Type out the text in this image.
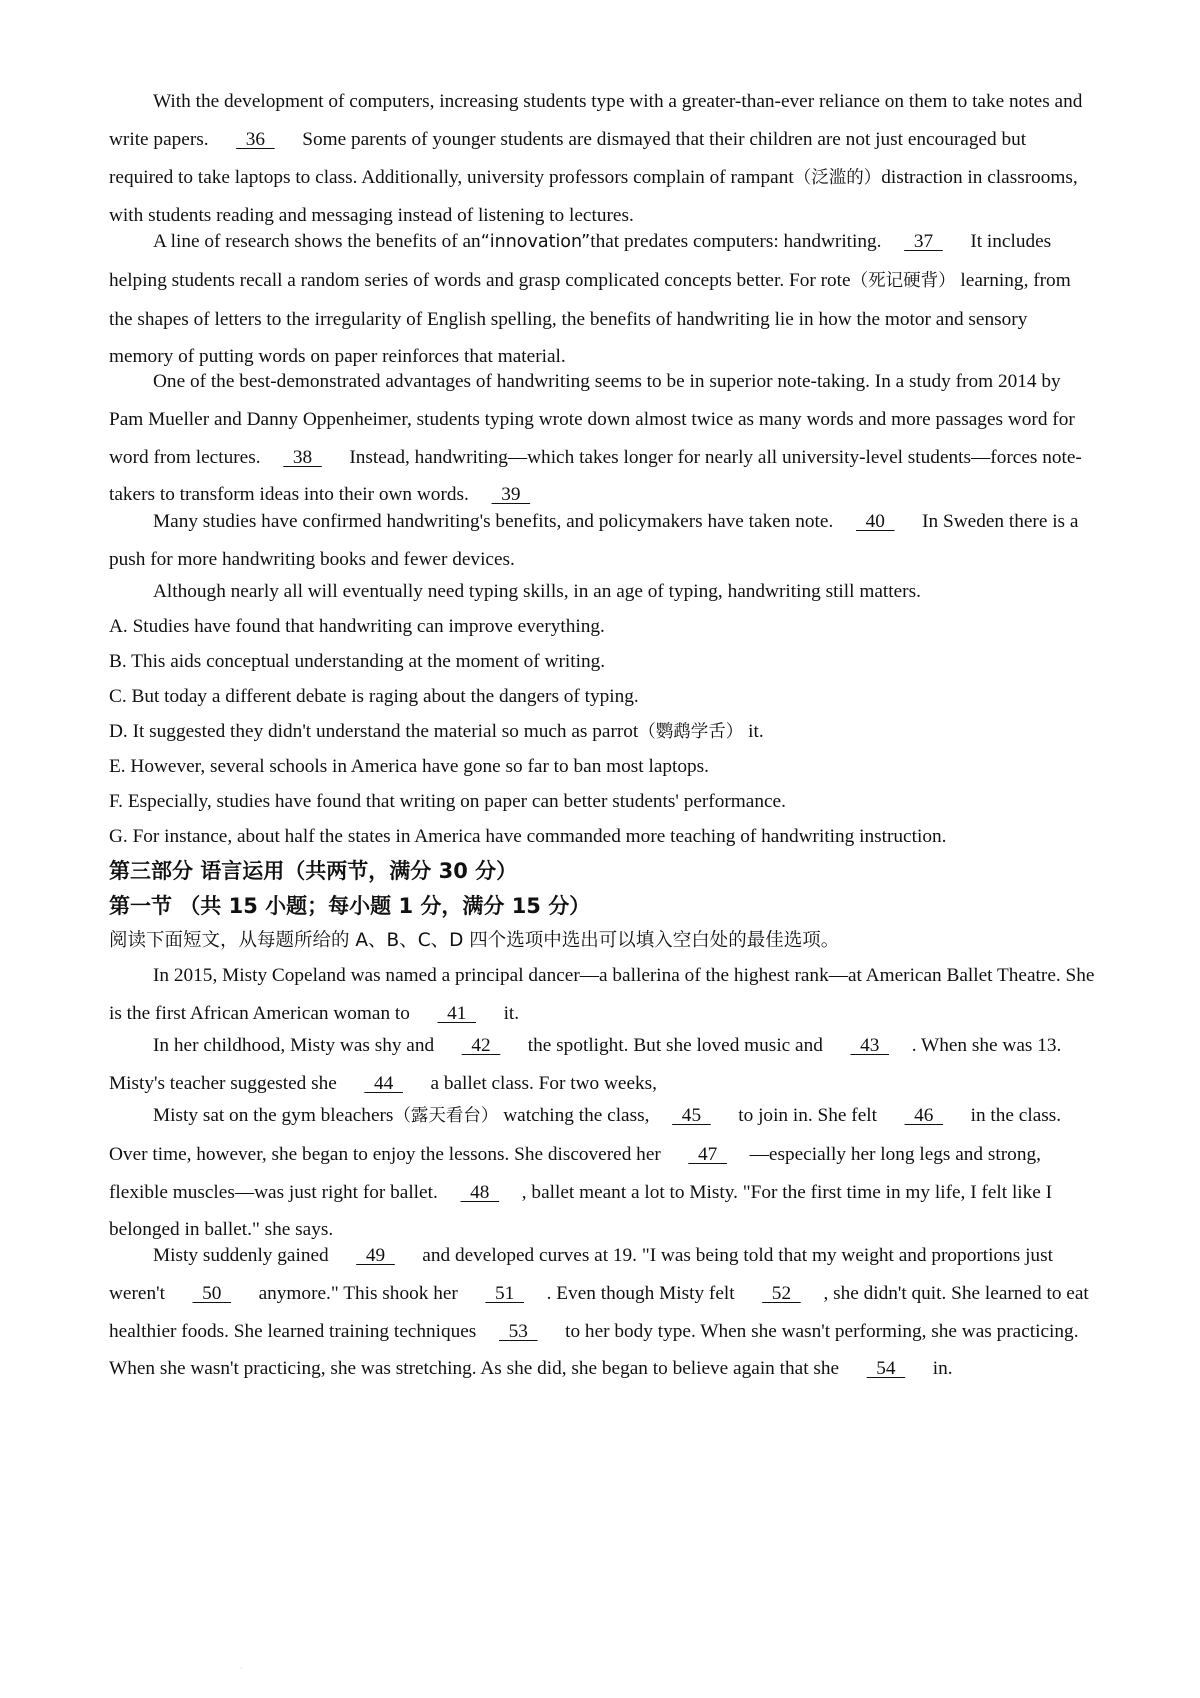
With the development of computers, increasing students type with a greater-than-ever reliance on them to take notes and write papers.   36   Some parents of younger students are dismayed that their children are not just encouraged but required to take laptops to class. Additionally, university professors complain of rampant（泛滥的）distraction in classrooms, with students reading and messaging instead of listening to lectures.

A line of research shows the benefits of an“innovation”that predates computers: handwriting.  37   It includes helping students recall a random series of words and grasp complicated concepts better. For rote（死记硬背） learning, from the shapes of letters to the irregularity of English spelling, the benefits of handwriting lie in how the motor and sensory memory of putting words on paper reinforces that material.

One of the best-demonstrated advantages of handwriting seems to be in superior note-taking. In a study from 2014 by Pam Mueller and Danny Oppenheimer, students typing wrote down almost twice as many words and more passages word for word from lectures.  38   Instead, handwriting—which takes longer for nearly all university-level students—forces note-takers to transform ideas into their own words.  39

Many studies have confirmed handwriting's benefits, and policymakers have taken note.  40   In Sweden there is a push for more handwriting books and fewer devices.

Although nearly all will eventually need typing skills, in an age of typing, handwriting still matters.

A. Studies have found that handwriting can improve everything.

B. This aids conceptual understanding at the moment of writing.

C. But today a different debate is raging about the dangers of typing.

D. It suggested they didn't understand the material so much as parrot（鹦鹉学舌） it.

E. However, several schools in America have gone so far to ban most laptops.

F. Especially, studies have found that writing on paper can better students' performance.

G. For instance, about half the states in America have commanded more teaching of handwriting instruction.

第三部分 语言运用（共两节，满分 30 分）

第一节 （共 15 小题；每小题 1 分，满分 15 分）

阅读下面短文，从每题所给的 A、B、C、D 四个选项中选出可以填入空白处的最佳选项。

In 2015, Misty Copeland was named a principal dancer—a ballerina of the highest rank—at American Ballet Theatre. She is the first African American woman to   41   it.

In her childhood, Misty was shy and   42   the spotlight. But she loved music and   43  . When she was 13. Misty's teacher suggested she   44   a ballet class. For two weeks,

Misty sat on the gym bleachers（露天看台） watching the class,  45   to join in. She felt   46   in the class. Over time, however, she began to enjoy the lessons. She discovered her   47  —especially her long legs and strong, flexible muscles—was just right for ballet.  48  , ballet meant a lot to Misty. "For the first time in my life, I felt like I belonged in ballet." she says.

Misty suddenly gained   49   and developed curves at 19. "I was being told that my weight and proportions just weren't   50   anymore." This shook her   51  . Even though Misty felt   52  , she didn't quit. She learned to eat healthier foods. She learned training techniques  53   to her body type. When she wasn't performing, she was practicing. When she wasn't practicing, she was stretching. As she did, she began to believe again that she   54   in.

·
